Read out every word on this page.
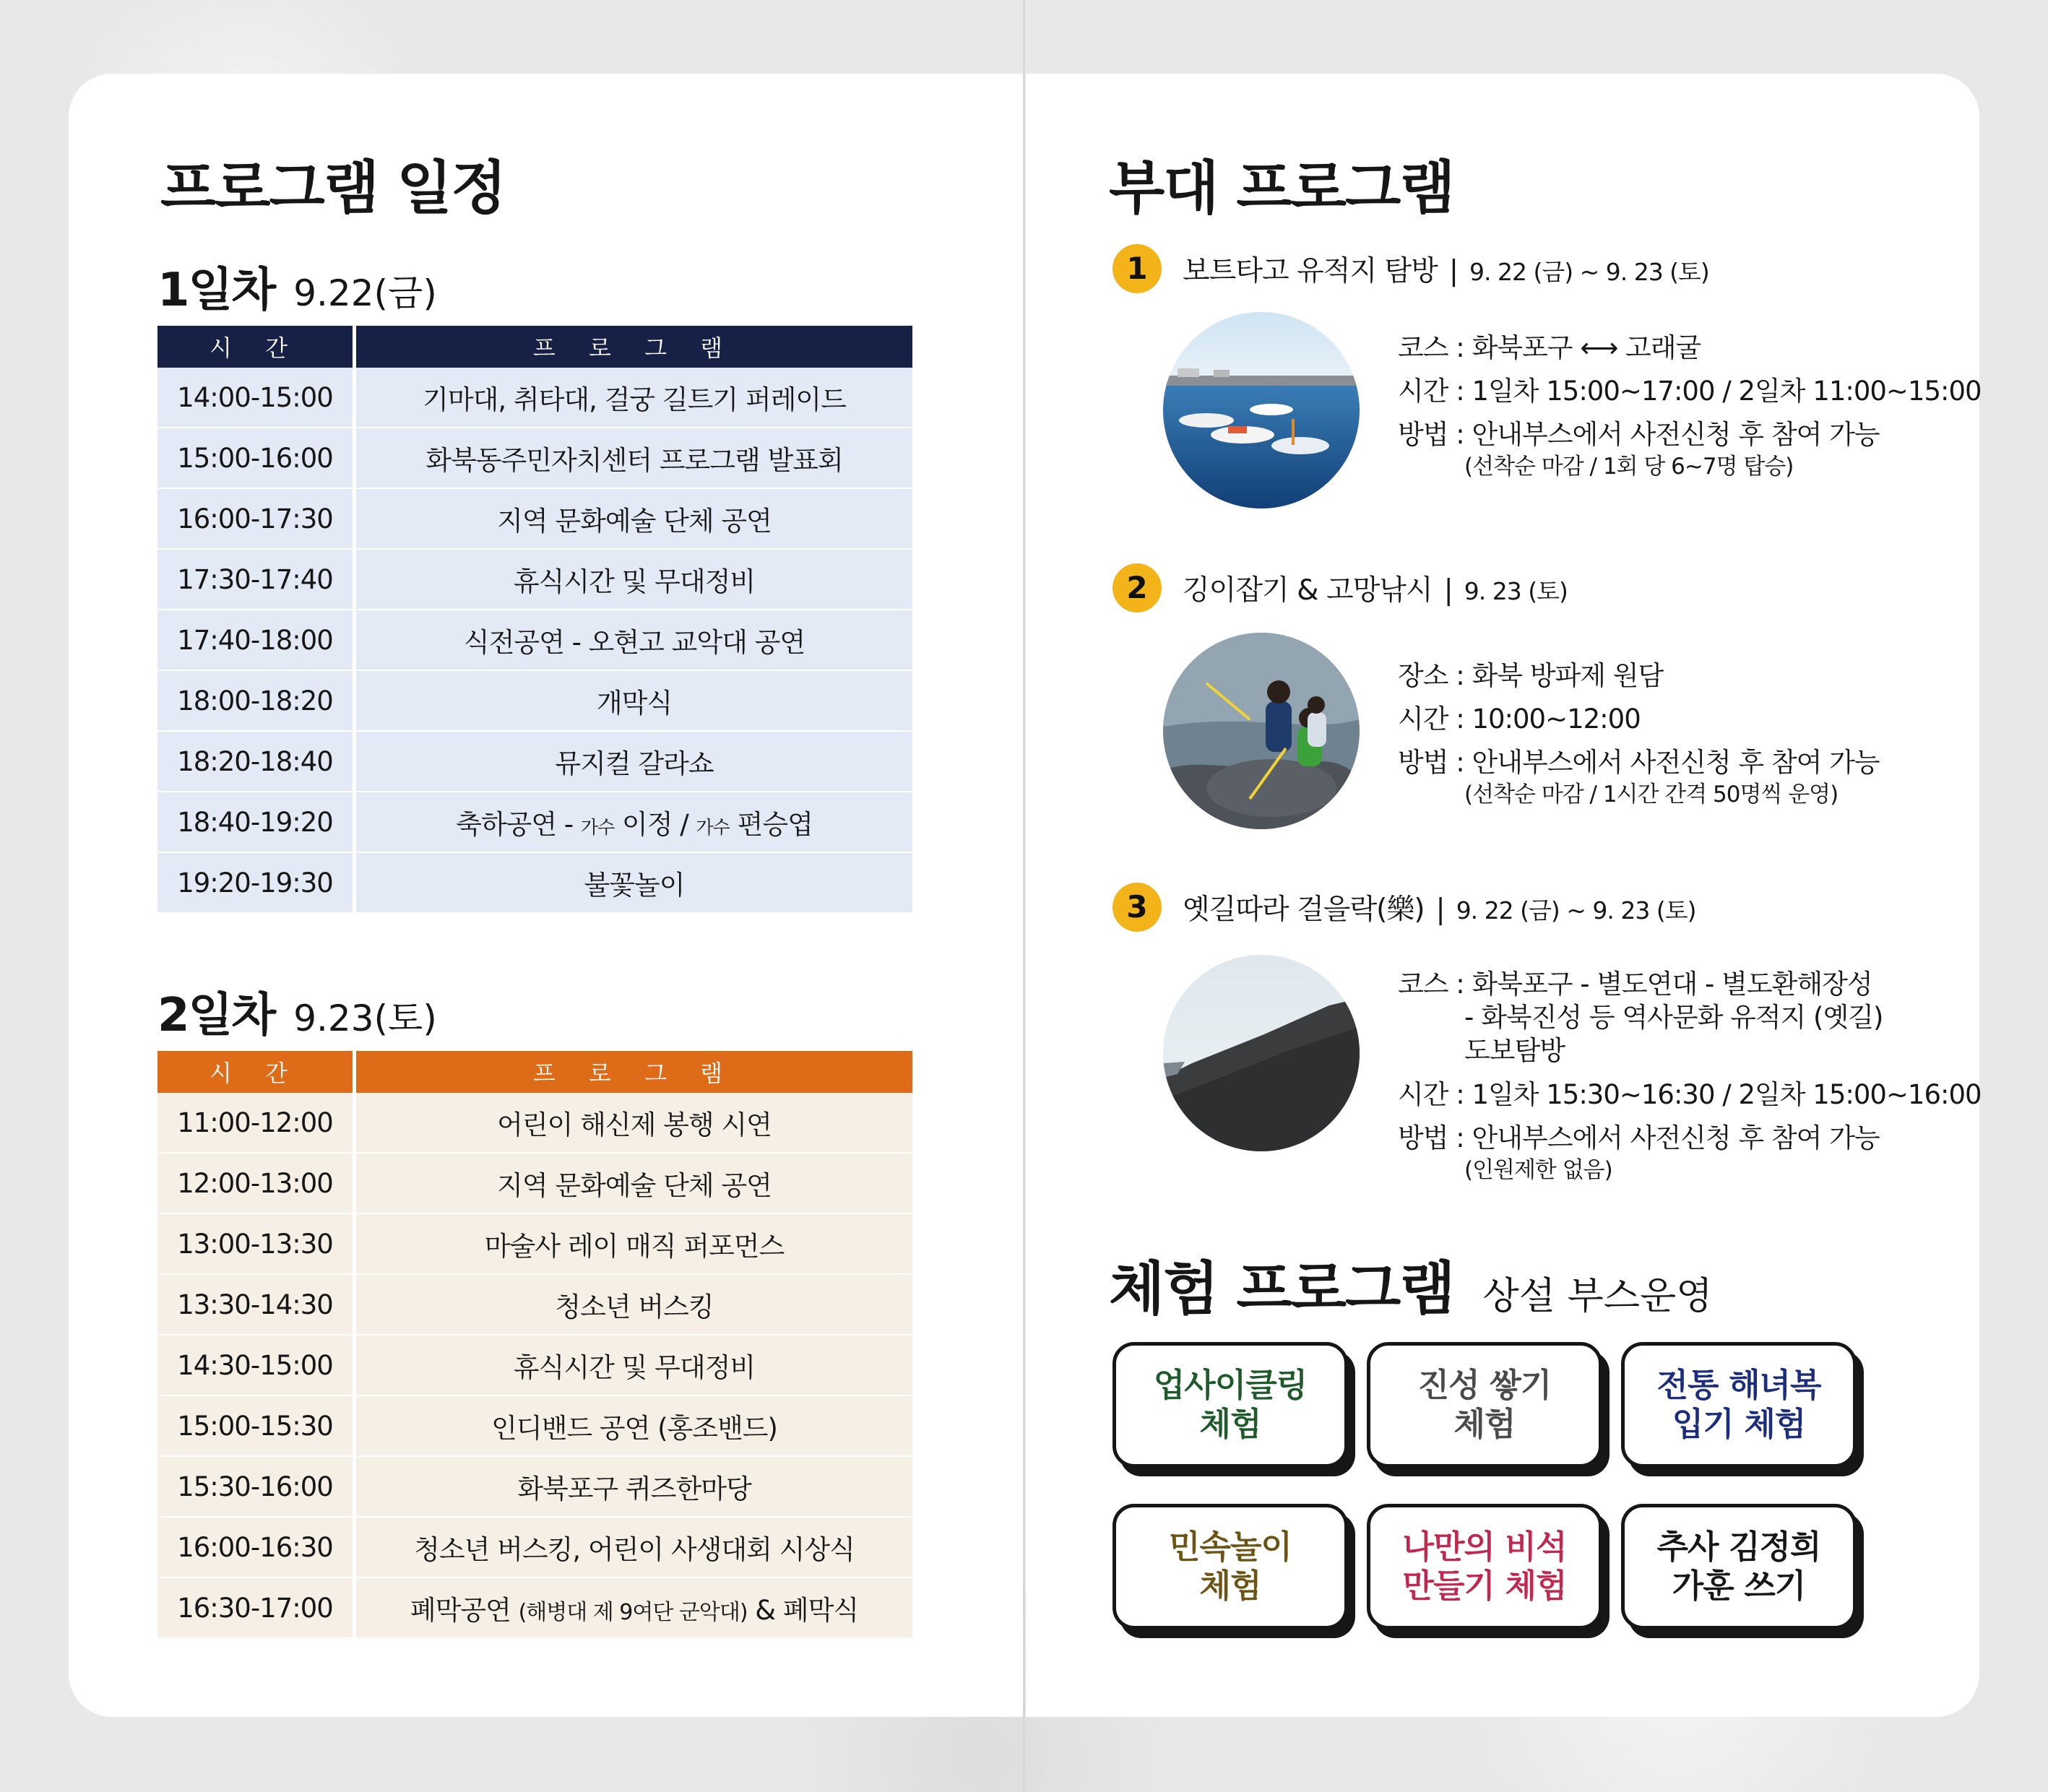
프로그램 일정
1일차 9.22(금)
시 간	프 로 그 램
14:00-15:00	기마대, 취타대, 걸궁 길트기 퍼레이드
15:00-16:00	화북동주민자치센터 프로그램 발표회
16:00-17:30	지역 문화예술 단체 공연
17:30-17:40	휴식시간 및 무대정비
17:40-18:00	식전공연 - 오현고 교악대 공연
18:00-18:20	개막식
18:20-18:40	뮤지컬 갈라쇼
18:40-19:20	축하공연 - 가수 이정 / 가수 편승엽
19:20-19:30	불꽃놀이
2일차 9.23(토)
시 간	프 로 그 램
11:00-12:00	어린이 해신제 봉행 시연
12:00-13:00	지역 문화예술 단체 공연
13:00-13:30	마술사 레이 매직 퍼포먼스
13:30-14:30	청소년 버스킹
14:30-15:00	휴식시간 및 무대정비
15:00-15:30	인디밴드 공연 (홍조밴드)
15:30-16:00	화북포구 퀴즈한마당
16:00-16:30	청소년 버스킹, 어린이 사생대회 시상식
16:30-17:00	폐막공연 (해병대 제 9여단 군악대) & 폐막식
부대 프로그램
1	보트타고 유적지 탐방 | 9. 22 (금) ~ 9. 23 (토)
코스 : 화북포구 ⟷ 고래굴
시간 : 1일차 15:00~17:00 / 2일차 11:00~15:00
방법 : 안내부스에서 사전신청 후 참여 가능
(선착순 마감 / 1회 당 6~7명 탑승)
2	깅이잡기 & 고망낚시 | 9. 23 (토)
장소 : 화북 방파제 원담
시간 : 10:00~12:00
방법 : 안내부스에서 사전신청 후 참여 가능
(선착순 마감 / 1시간 간격 50명씩 운영)
3	옛길따라 걸을락(樂) | 9. 22 (금) ~ 9. 23 (토)
코스 : 화북포구 - 별도연대 - 별도환해장성
- 화북진성 등 역사문화 유적지 (옛길)
도보탐방
시간 : 1일차 15:30~16:30 / 2일차 15:00~16:00
방법 : 안내부스에서 사전신청 후 참여 가능
(인원제한 없음)
체험 프로그램 상설 부스운영
업사이클링
체험
진성 쌓기
체험
전통 해녀복
입기 체험
민속놀이
체험
나만의 비석
만들기 체험
추사 김정희
가훈 쓰기
